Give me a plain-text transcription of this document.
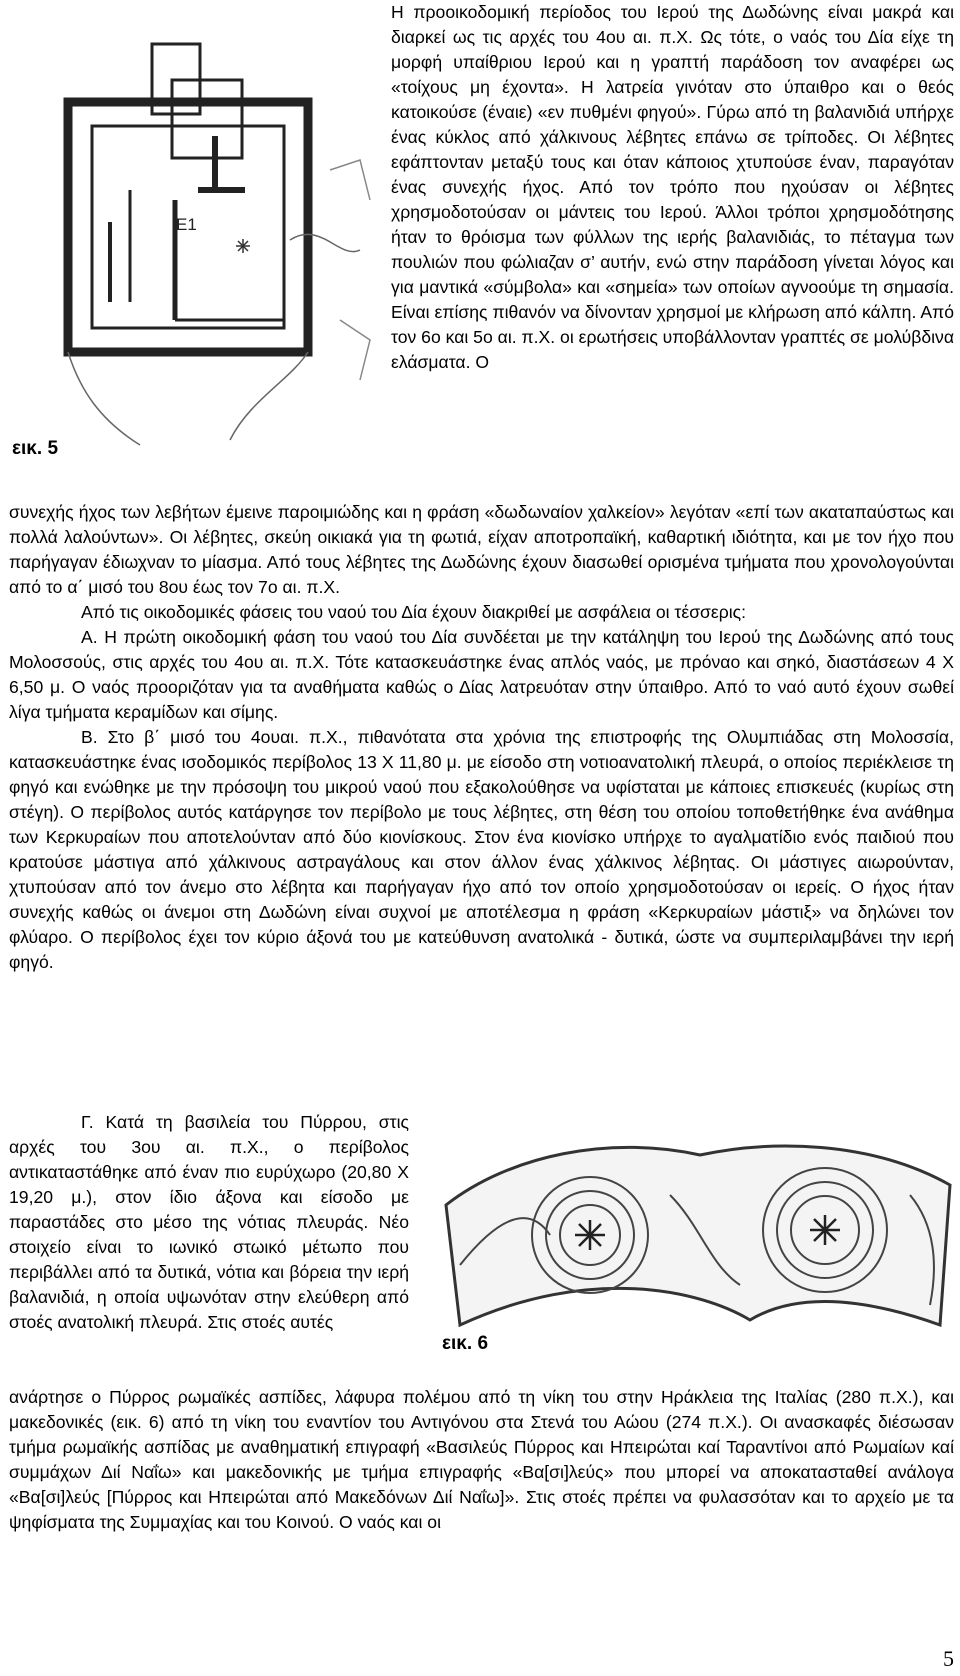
E1
εικ. 5
εικ. 6

Η προοικοδομική περίοδος του Ιερού της Δωδώνης είναι μακρά και διαρκεί ως τις αρχές του 4ου αι. π.Χ. Ως τότε, ο ναός του Δία είχε τη μορφή υπαίθριου Ιερού και η γραπτή παράδοση τον αναφέρει ως «τοίχους μη έχοντα». Η λατρεία γινόταν στο ύπαιθρο και ο θεός κατοικούσε (έναιε) «εν πυθμένι φηγού». Γύρω από τη βαλανιδιά υπήρχε ένας κύκλος από χάλκινους λέβητες επάνω σε τρίποδες. Οι λέβητες εφάπτονταν μεταξύ τους και όταν κάποιος χτυπούσε έναν, παραγόταν ένας συνεχής ήχος. Από τον τρόπο που ηχούσαν οι λέβητες χρησμοδοτούσαν οι μάντεις του Ιερού. Άλλοι τρόποι χρησμοδότησης ήταν το θρόισμα των φύλλων της ιερής βαλανιδιάς, το πέταγμα των πουλιών που φώλιαζαν σ’ αυτήν, ενώ στην παράδοση γίνεται λόγος και για μαντικά «σύμβολα» και «σημεία» των οποίων αγνοούμε τη σημασία. Είναι επίσης πιθανόν να δίνονταν χρησμοί με κλήρωση από κάλπη. Από τον 6ο και 5ο αι. π.Χ. οι ερωτήσεις υποβάλλονταν γραπτές σε μολύβδινα ελάσματα. Ο

συνεχής ήχος των λεβήτων έμεινε παροιμιώδης και η φράση «δωδωναίον χαλκείον» λεγόταν «επί των ακαταπαύστως και πολλά λαλούντων». Οι λέβητες, σκεύη οικιακά για τη φωτιά, είχαν αποτροπαϊκή, καθαρτική ιδιότητα, και με τον ήχο που παρήγαγαν έδιωχναν το μίασμα. Από τους λέβητες της Δωδώνης έχουν διασωθεί ορισμένα τμήματα που χρονολογούνται από το α΄ μισό του 8ου έως τον 7ο αι. π.Χ.

Από τις οικοδομικές φάσεις του ναού του Δία έχουν διακριθεί με ασφάλεια οι τέσσερις:

Α. Η πρώτη οικοδομική φάση του ναού του Δία συνδέεται με την κατάληψη του Ιερού της Δωδώνης από τους Μολοσσούς, στις αρχές του 4ου αι. π.Χ. Τότε κατασκευάστηκε ένας απλός ναός, με πρόναο και σηκό, διαστάσεων 4 Χ 6,50 μ. Ο ναός προοριζόταν για τα αναθήματα καθώς ο Δίας λατρευόταν στην ύπαιθρο. Από το ναό αυτό έχουν σωθεί λίγα τμήματα κεραμίδων και σίμης.

Β. Στο β΄ μισό του 4ουαι. π.Χ., πιθανότατα στα χρόνια της επιστροφής της Ολυμπιάδας στη Μολοσσία, κατασκευάστηκε ένας ισοδομικός περίβολος 13 Χ 11,80 μ. με είσοδο στη νοτιοανατολική πλευρά, ο οποίος περιέκλεισε τη φηγό και ενώθηκε με την πρόσοψη του μικρού ναού που εξακολούθησε να υφίσταται με κάποιες επισκευές (κυρίως στη στέγη). Ο περίβολος αυτός κατάργησε τον περίβολο με τους λέβητες, στη θέση του οποίου τοποθετήθηκε ένα ανάθημα των Κερκυραίων που αποτελούνταν από δύο κιονίσκους. Στον ένα κιονίσκο υπήρχε το αγαλματίδιο ενός παιδιού που κρατούσε μάστιγα από χάλκινους αστραγάλους και στον άλλον ένας χάλκινος λέβητας. Οι μάστιγες αιωρούνταν, χτυπούσαν από τον άνεμο στο λέβητα και παρήγαγαν ήχο από τον οποίο χρησμοδοτούσαν οι ιερείς. Ο ήχος ήταν συνεχής καθώς οι άνεμοι στη Δωδώνη είναι συχνοί με αποτέλεσμα η φράση «Κερκυραίων μάστιξ» να δηλώνει τον φλύαρο. Ο περίβολος έχει τον κύριο άξονά του με κατεύθυνση ανατολικά - δυτικά, ώστε να συμπεριλαμβάνει την ιερή φηγό.

Γ. Κατά τη βασιλεία του Πύρρου, στις αρχές του 3ου αι. π.Χ., ο περίβολος αντικαταστάθηκε από έναν πιο ευρύχωρο (20,80 Χ 19,20 μ.), στον ίδιο άξονα και είσοδο με παραστάδες στο μέσο της νότιας πλευράς. Νέο στοιχείο είναι το ιωνικό στωικό μέτωπο που περιβάλλει από τα δυτικά, νότια και βόρεια την ιερή βαλανιδιά, η οποία υψωνόταν στην ελεύθερη από στοές ανατολική πλευρά. Στις στοές αυτές

ανάρτησε ο Πύρρος ρωμαϊκές ασπίδες, λάφυρα πολέμου από τη νίκη του στην Ηράκλεια της Ιταλίας (280 π.Χ.), και μακεδονικές (εικ. 6) από τη νίκη του εναντίον του Αντιγόνου στα Στενά του Αώου (274 π.Χ.). Οι ανασκαφές διέσωσαν τμήμα ρωμαϊκής ασπίδας με αναθηματική επιγραφή «Βασιλεύς Πύρρος και Ηπειρώται καί Ταραντίνοι από Ρωμαίων καί συμμάχων Διί Ναΐω» και μακεδονικής με τμήμα επιγραφής «Βα[σι]λεύς» που μπορεί να αποκατασταθεί ανάλογα «Βα[σι]λεύς [Πύρρος και Ηπειρώται από Μακεδόνων Διί Ναΐω]». Στις στοές πρέπει να φυλασσόταν και το αρχείο με τα ψηφίσματα της Συμμαχίας και του Κοινού. Ο ναός και οι

5
